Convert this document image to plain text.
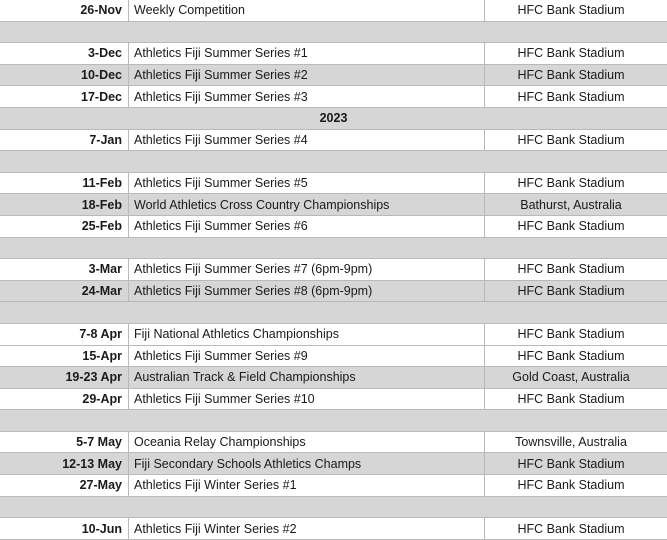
26-Nov Weekly Competition	HFC Bank Stadium
3-Dec Athletics Fiji Summer Series #1	HFC Bank Stadium
10-Dec Athletics Fiji Summer Series #2	HFC Bank Stadium
17-Dec Athletics Fiji Summer Series #3	HFC Bank Stadium
2023
7-Jan Athletics Fiji Summer Series #4	HFC Bank Stadium
11-Feb Athletics Fiji Summer Series #5	HFC Bank Stadium
18-Feb World Athletics Cross Country Championships	Bathurst, Australia
25-Feb Athletics Fiji Summer Series #6	HFC Bank Stadium
3-Mar Athletics Fiji Summer Series #7 (6pm-9pm)	HFC Bank Stadium
24-Mar Athletics Fiji Summer Series #8 (6pm-9pm)	HFC Bank Stadium
7-8 Apr Fiji National Athletics Championships	HFC Bank Stadium
15-Apr Athletics Fiji Summer Series #9	HFC Bank Stadium
19-23 Apr Australian Track & Field Championships	Gold Coast, Australia
29-Apr Athletics Fiji Summer Series #10	HFC Bank Stadium
5-7 May Oceania Relay Championships	Townsville, Australia
12-13 May Fiji Secondary Schools Athletics Champs	HFC Bank Stadium
27-May Athletics Fiji Winter Series #1	HFC Bank Stadium
10-Jun Athletics Fiji Winter Series #2	HFC Bank Stadium
